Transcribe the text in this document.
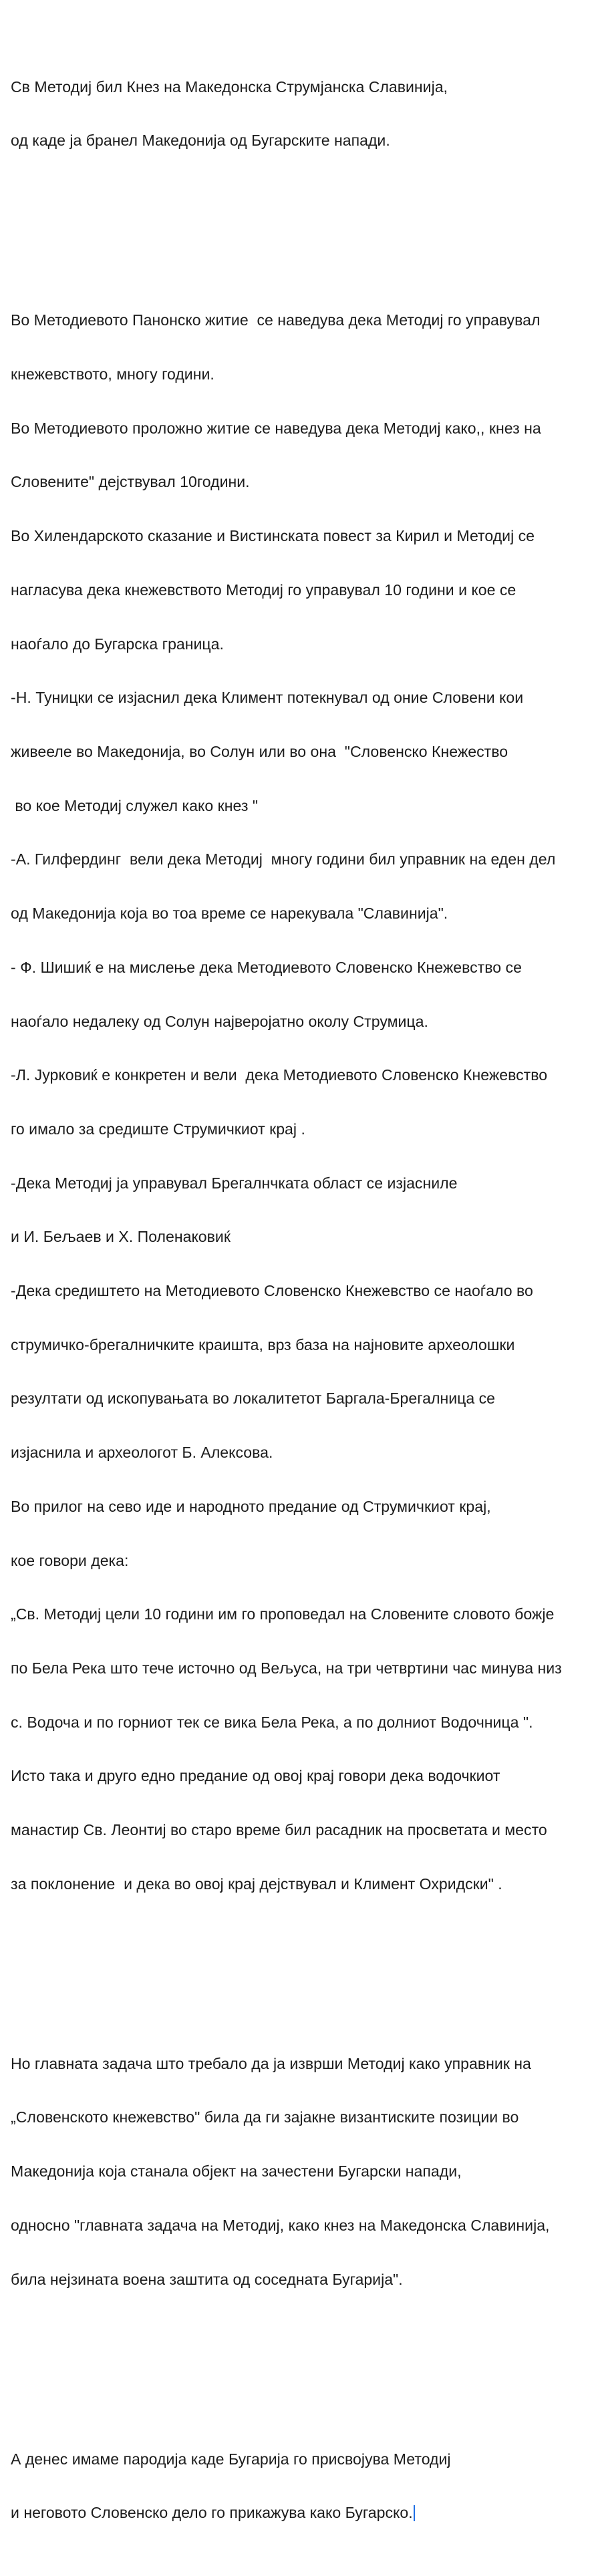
Св Методиј бил Кнез на Македонска Струмјанска Славинија,

од каде ја бранел Македонија од Бугарските напади.

Во Методиевото Панонско житие  се наведува дека Методиј го управувал

кнежевството, многу години.

Во Методиевото проложно житие се наведува дека Методиј како,, кнез на

Словените" дејствувал 10години.

Во Хилендарското сказание и Вистинската повест за Кирил и Методиј се

нагласува дека кнежевството Методиј го управувал 10 години и кое се

наоѓало до Бугарска граница.

-Н. Туницки се изјаснил дека Климент потекнувал од оние Словени кои

живееле во Македонија, во Солун или во она  "Словенско Кнежество

во кое Методиј служел како кнез "

-А. Гилфердинг  вели дека Методиј  многу години бил управник на еден дел

од Македонија која во тоа време се нарекувала "Славинија".

- Ф. Шишиќ е на мислење дека Методиевото Словенско Кнежевство се

наоѓало недалеку од Солун најверојатно околу Струмица.

-Л. Јурковиќ е конкретен и вели  дека Методиевото Словенско Кнежевство

го имало за средиште Струмичкиот крај .

-Дека Методиј ја управувал Брегалнчката област се изјасниле

и И. Бељаев и Х. Поленаковиќ

-Дека средиштето на Методиевото Словенско Кнежевство се наоѓало во

струмичко-брегалничките краишта, врз база на најновите археолошки

резултати од ископувањата во локалитетот Баргала-Брегалница се

изјаснила и археологот Б. Алексова.

Во прилог на сево иде и народното предание од Струмичкиот крај,

кое говори дека:

„Св. Методиј цели 10 години им го проповедал на Словените словото божје

по Бела Река што тече источно од Вељуса, на три четвртини час минува низ

с. Водоча и по горниот тек се вика Бела Река, а по долниот Водочница ".

Исто така и друго едно предание од овој крај говори дека водочкиот

манастир Св. Леонтиј во старо време бил расадник на просветата и место

за поклонение  и дека во овој крај дејствувал и Климент Охридски" .

Но главната задача што требало да ја изврши Методиј како управник на

„Словенското кнежевство" била да ги зајакне византиските позиции во

Македонија која станала објект на зачестени Бугарски напади,

односно "главната задача на Методиј, како кнез на Македонска Славинија,

била нејзината воена заштита од соседната Бугарија".

А денес имаме пародија каде Бугарија го присвојува Методиј

и неговото Словенско дело го прикажува како Бугарско.
